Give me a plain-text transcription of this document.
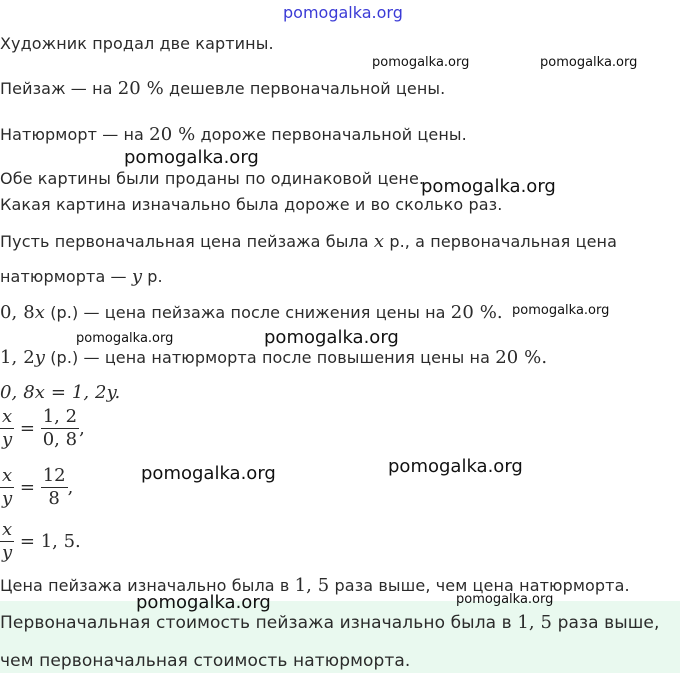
pomogalka.org
Художник продал две картины.
Пейзаж — на 20 % дешевле первоначальной цены.
Натюрморт — на 20 % дороже первоначальной цены.
Обе картины были проданы по одинаковой цене.
Какая картина изначально была дороже и во сколько раз.
Пусть первоначальная цена пейзажа была x р., а первоначальная цена
натюрморта — y р.
0, 8x (р.) — цена пейзажа после снижения цены на 20 %.
1, 2y (р.) — цена натюрморта после повышения цены на 20 %.
0, 8x = 1, 2y.
$\frac{x}{y} = \frac{1, 2}{0, 8}$ ,
$\frac{x}{y} = \frac{12}{8}$ ,
$\frac{x}{y} = 1$, 5.
Цена пейзажа изначально была в 1, 5 раза выше, чем цена натюрморта.
Первоначальная стоимость пейзажа изначально была в 1, 5 раза выше,
чем первоначальная стоимость натюрморта.
pomogalka.org	pomogalka.org
pomogalka.org
pomogalka.org
pomogalka.org
pomogalka.org	pomogalka.org
pomogalka.org	pomogalka.org
pomogalka.org	pomogalka.org
